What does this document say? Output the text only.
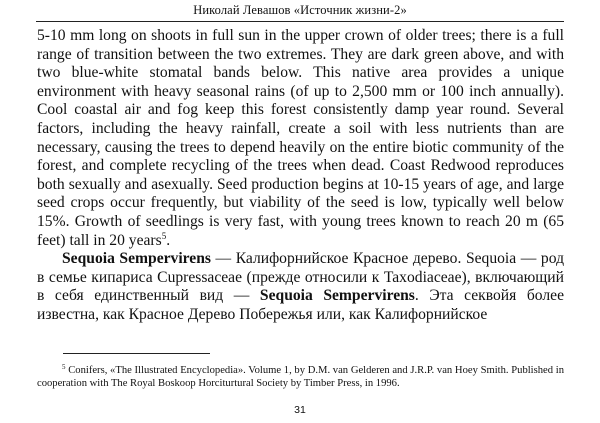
Николай Левашов «Источник жизни-2»

5-10 mm long on shoots in full sun in the upper crown of older trees; there is a full range of transition between the two extremes. They are dark green above, and with two blue-white stomatal bands below. This native area provides a unique environment with heavy seasonal rains (of up to 2,500 mm or 100 inch annually). Cool coastal air and fog keep this forest consistently damp year round. Several factors, including the heavy rainfall, create a soil with less nutrients than are necessary, causing the trees to depend heavily on the entire biotic community of the forest, and complete recycling of the trees when dead. Coast Redwood reproduces both sexually and asexually. Seed production begins at 10-15 years of age, and large seed crops occur frequently, but viability of the seed is low, typically well below 15%. Growth of seedlings is very fast, with young trees known to reach 20 m (65 feet) tall in 20 years$^5$.

Sequoia Sempervirens — Калифорнийское Красное дерево. Sequoia — род в семье кипариса Cupressaceae (прежде относили к Taxodiaceae), включающий в себя единственный вид — Sequoia Sempervirens. Эта секвойя более известна, как Красное Дерево Побережья или, как Калифорнийское

$^5$ Conifers, «The Illustrated Encyclopedia». Volume 1, by D.M. van Gelderen and J.R.P. van Hoey Smith. Published in cooperation with The Royal Boskoop Horciturtural Society by Timber Press, in 1996.

31
